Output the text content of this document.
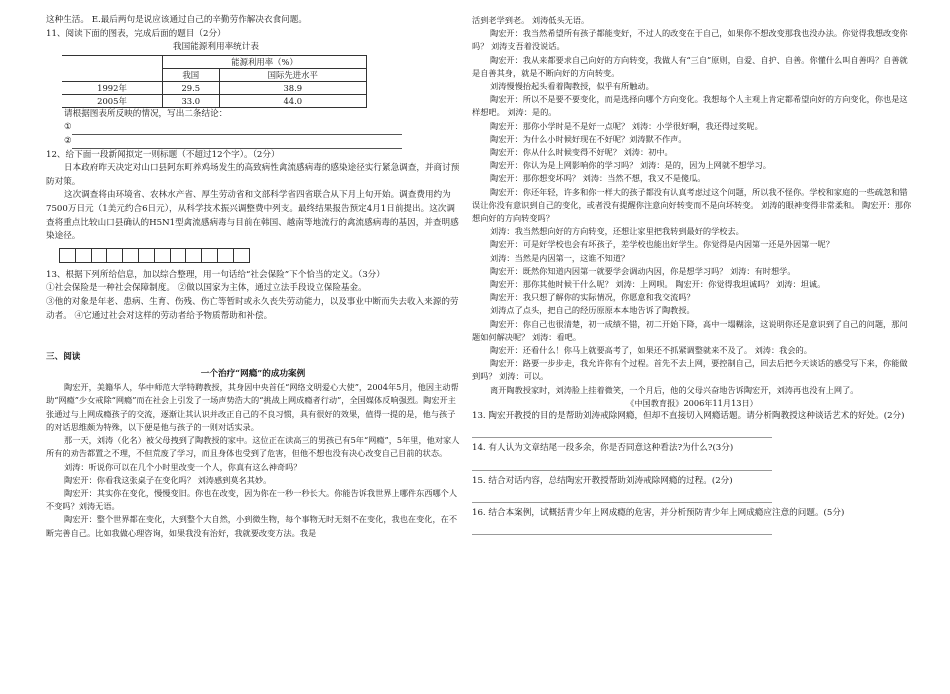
这种生活。 E.最后两句是说应该通过自己的辛勤劳作解决衣食问题。

11、阅读下面的图表，完成后面的题目（2分）

我国能源利用率统计表

	能源利用率（%）	
	我国	国际先进水平
1992年	29.5	38.9
2005年	33.0	44.0

请根据图表所反映的情况，写出二条结论：

①

②

12、给下面一段新闻拟定一则标题（不超过12个字）。（2分）

日本政府昨天决定对山口县阿东町养鸡场发生的高致病性禽流感病毒的感染途径实行紧急调查，并商讨预防对策。

这次调查将由环境省、农林水产省、厚生劳动省和文部科学省四省联合从下月上旬开始。调查费用约为7500万日元（1美元约合6日元），从科学技术振兴调整费中列支。最终结果报告预定4月1日前提出。这次调查将重点比较山口县确认的H5N1型禽流感病毒与目前在韩国、越南等地流行的禽流感病毒的基因，并查明感染途径。

13、根据下列所给信息，加以综合整理，用一句话给“社会保险”下个恰当的定义。（3分）

①社会保险是一种社会保障制度。 ②做以国家为主体，通过立法手段设立保险基金。

③他的对象是年老、患病、生育、伤残、伤亡等暂时或永久丧失劳动能力，以及事业中断而失去收入来源的劳动者。 ④它通过社会对这样的劳动者给予物质帮助和补偿。

三、阅读

一个治疗“网瘾”的成功案例

陶宏开，美籍华人，华中师范大学特聘教授，其身因中央首任“网络文明爱心大使”，2004年5月，他因主动帮助“网瘾”少女戒除“网瘾”而在社会上引发了一场声势浩大的“挑战上网成瘾者行动”，全国媒体反响强烈。陶宏开主张通过与上网成瘾孩子的交流，逐渐让其认识并改正自己的不良习惯，具有很好的效果，值得一提的是，他与孩子的对话思维颇为特殊，以下便是他与孩子的一则对话实录。

那一天，刘涛（化名）被父母拽到了陶教授的家中。这位正在读高三的男孩已有5年“网瘾”，5年里，他对家人所有的劝告都置之不理，不但荒废了学习，而且身体也受到了危害，但他不想也没有决心改变自己目前的状态。

刘涛：听说你可以在几个小时里改变一个人，你真有这么神奇吗？

陶宏开：你看我这张桌子在变化吗？ 刘涛感到莫名其妙。

陶宏开：其实你在变化，慢慢变旧。你也在改变，因为你在一秒一秒长大。你能告诉我世界上哪件东西哪个人不变吗？刘涛无语。

陶宏开：整个世界都在变化，大到整个大自然，小到微生物，每个事物无时无刻不在变化，我也在变化，在不断完善自己。比如我做心理咨询，如果我没有治好，我就要改变方法。我是

活到老学到老。 刘涛低头无语。

陶宏开：我当然希望所有孩子都能变好，不过人的改变在于自己，如果你不想改变那我也没办法。你觉得我想改变你吗？ 刘涛支吾着没说话。

陶宏开：我从来都要求自己向好的方向转变，我做人有“三自”原则，自爱、自护、自善。你懂什么叫自善吗？自善就是自善其身，就是不断向好的方向转变。

刘涛慢慢抬起头看着陶教授，似乎有所触动。

陶宏开：所以不是要不要变化，而是选择向哪个方向变化。我想每个人主观上肯定都希望向好的方向变化，你也是这样想吧。 刘涛：是的。

陶宏开：那你小学时是不是好一点呢？ 刘涛：小学很好啊，我还得过奖呢。

陶宏开：为什么小时候好现在不好呢？刘涛默不作声。

陶宏开：你从什么时候变得不好呢？ 刘涛：初中。

陶宏开：你认为是上网影响你的学习吗？ 刘涛：是的，因为上网就不想学习。

陶宏开：那你想变坏吗？ 刘涛：当然不想，我又不是傻瓜。

陶宏开：你还年轻，许多和你一样大的孩子都没有认真考虑过这个问题，所以我不怪你。学校和家庭的一些疏忽和错误让你没有意识到自己的变化，或者没有提醒你注意向好转变而不是向坏转变。 刘涛的眼神变得非常柔和。 陶宏开：那你想向好的方向转变吗？

刘涛：我当然想向好的方向转变，还想让家里把我转到最好的学校去。

陶宏开：可是好学校也会有坏孩子，差学校也能出好学生。你觉得是内因第一还是外因第一呢？

刘涛：当然是内因第一，这谁不知道？

陶宏开：既然你知道内因第一就要学会调动内因，你是想学习吗？ 刘涛：有时想学。

陶宏开：那你其他时候干什么呢？ 刘涛：上网呗。 陶宏开：你觉得我坦诚吗？ 刘涛：坦诚。

陶宏开：我只想了解你的实际情况，你愿意和我交流吗？

刘涛点了点头，把自己的经历原原本本地告诉了陶教授。

陶宏开：你自己也很清楚，初一成绩不错，初二开始下降，高中一塌糊涂，这说明你还是意识到了自己的问题，那问题如何解决呢？ 刘涛：看吧。

陶宏开：还看什么！你马上就要高考了，如果还不抓紧调整就来不及了。 刘涛：我会的。

陶宏开：路要一步步走，我允许你有个过程。首先不去上网，要控制自己，回去后把今天谈话的感受写下来，你能做到吗？ 刘涛：可以。

离开陶教授家时，刘涛脸上挂着微笑，一个月后，他的父母兴奋地告诉陶宏开，刘涛再也没有上网了。

《中国教育报》2006年11月13日）

13. 陶宏开教授的目的是帮助刘涛戒除网瘾，但却不直接切入网瘾话题。请分析陶教授这种谈话艺术的好处。(2分)

14. 有人认为文章结尾一段多余，你是否同意这种看法?为什么?(3分)

15. 结合对话内容，总结陶宏开教授帮助刘涛戒除网瘾的过程。(2分)

16. 结合本案例，试概括青少年上网成瘾的危害，并分析预防青少年上网成瘾应注意的问题。(5分)
